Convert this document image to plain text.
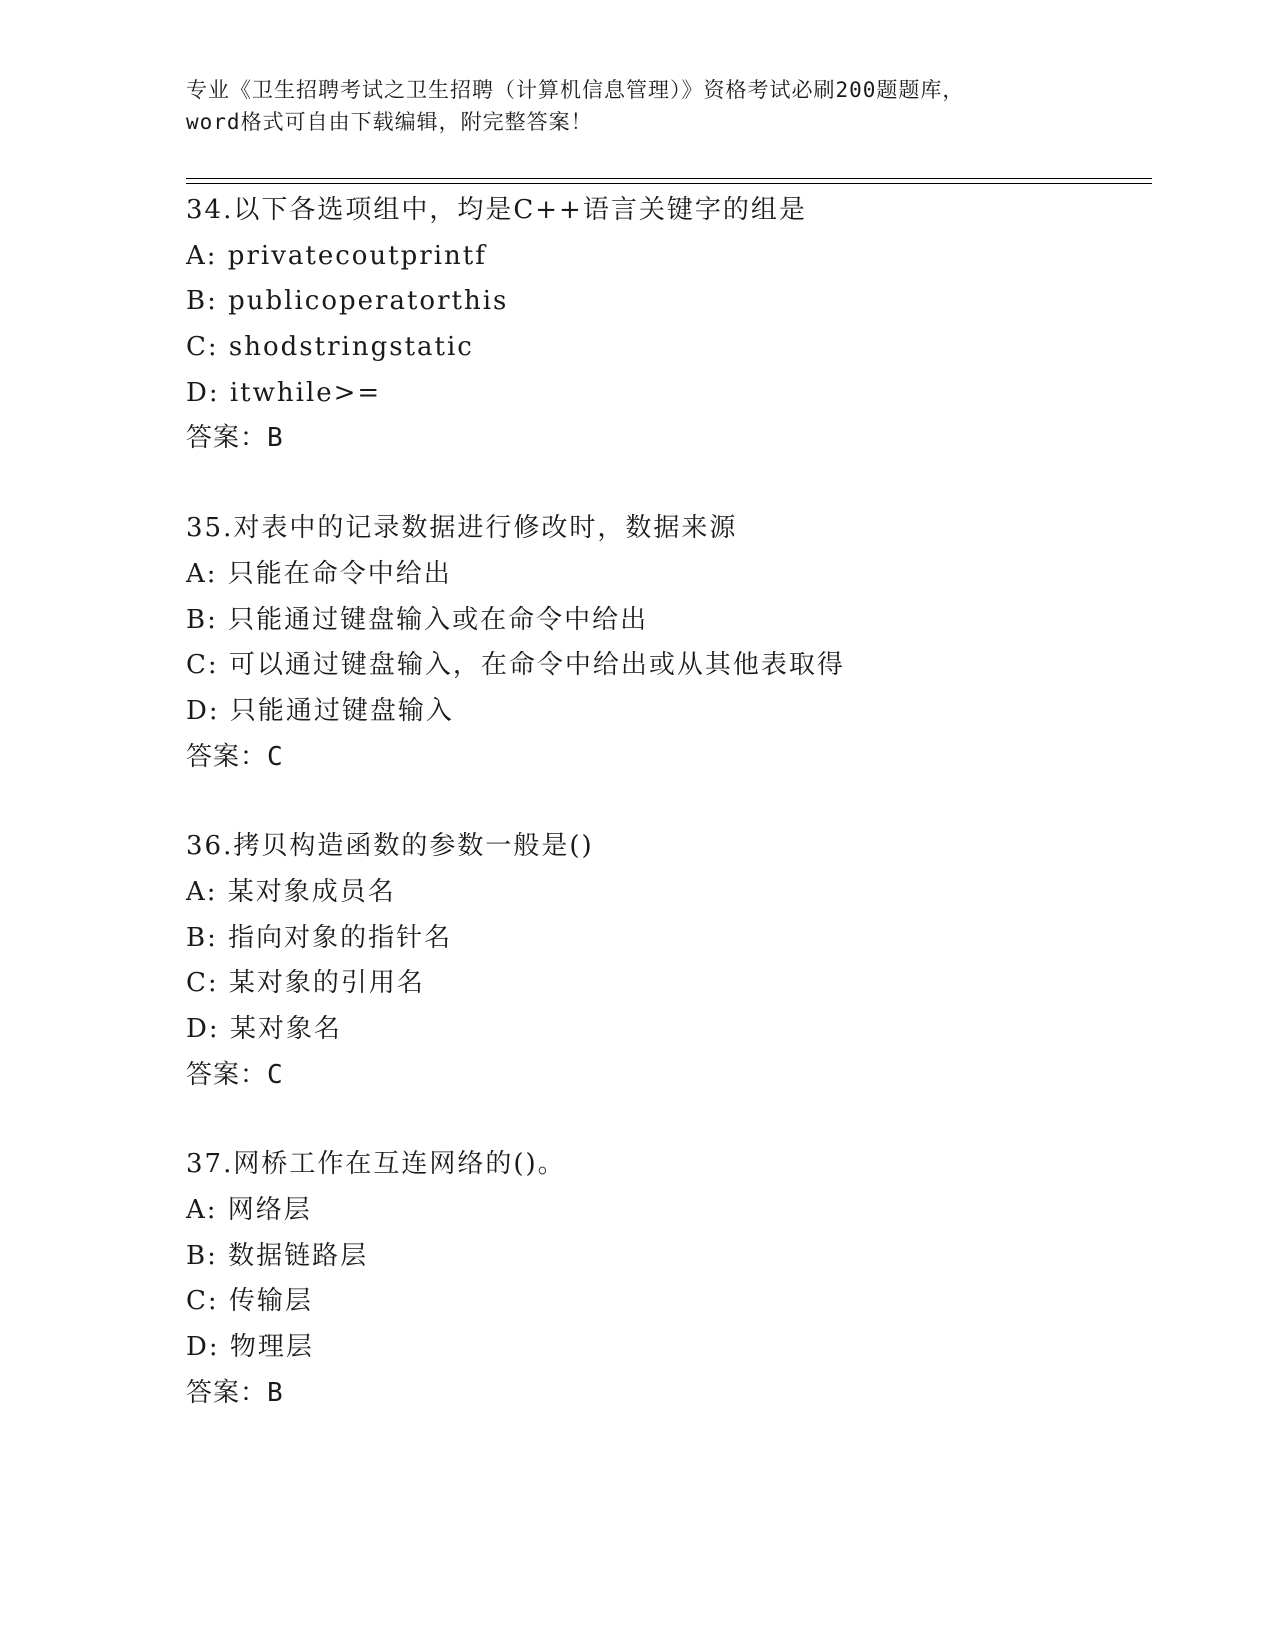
专业《卫生招聘考试之卫生招聘（计算机信息管理）》资格考试必刷200题题库，
word格式可自由下载编辑，附完整答案！
34.以下各选项组中，均是C++语言关键字的组是
A: privatecoutprintf
B: publicoperatorthis
C: shodstringstatic
D: itwhile>=
答案：B
35.对表中的记录数据进行修改时，数据来源
A: 只能在命令中给出
B: 只能通过键盘输入或在命令中给出
C: 可以通过键盘输入，在命令中给出或从其他表取得
D: 只能通过键盘输入
答案：C
36.拷贝构造函数的参数一般是()
A: 某对象成员名
B: 指向对象的指针名
C: 某对象的引用名
D: 某对象名
答案：C
37.网桥工作在互连网络的()。
A: 网络层
B: 数据链路层
C: 传输层
D: 物理层
答案：B
